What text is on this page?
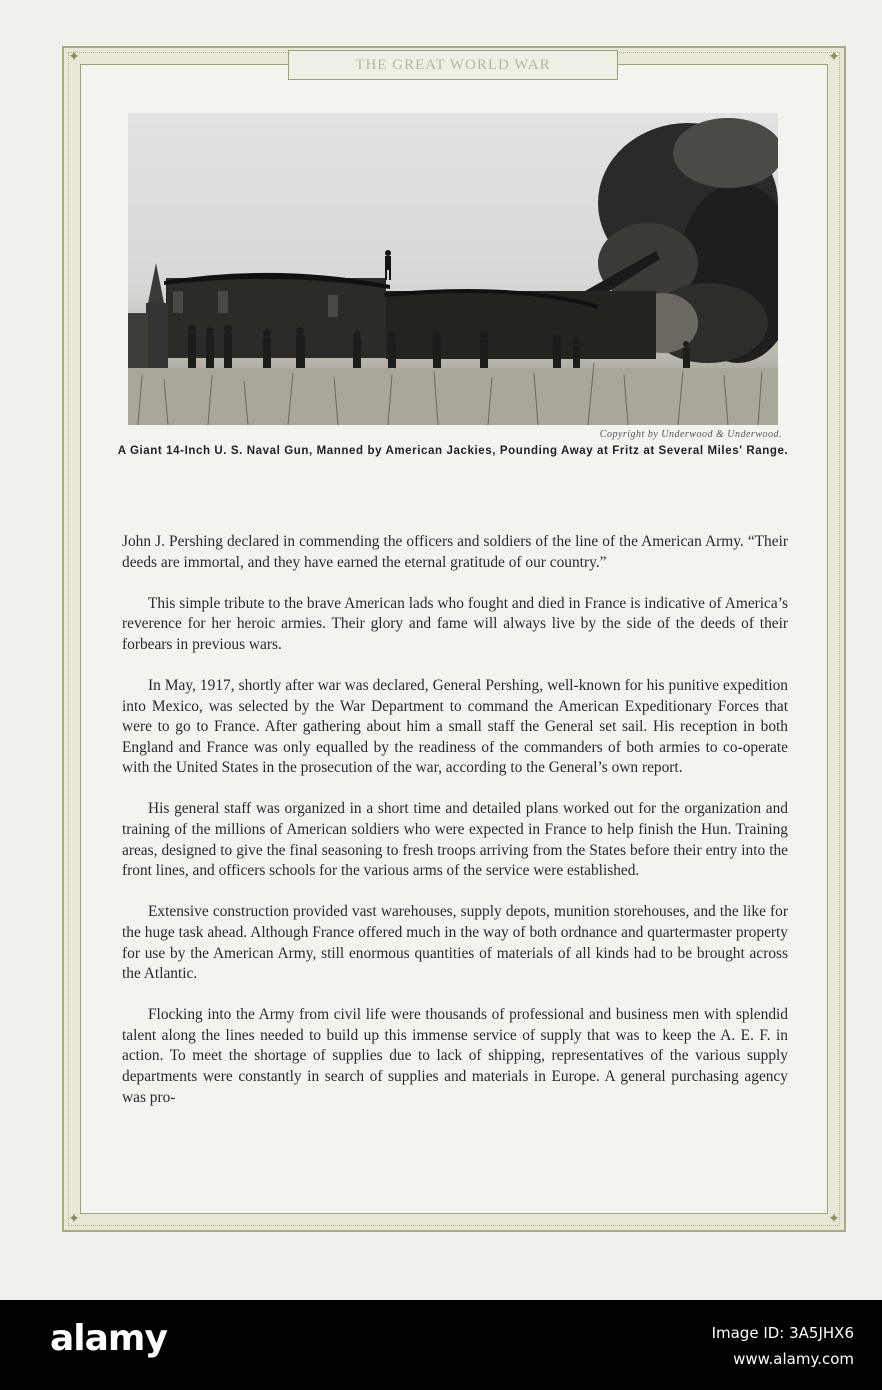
✦	✦
✦	✦
THE GREAT WORLD WAR
Copyright by Underwood & Underwood.
A Giant 14-Inch U. S. Naval Gun, Manned by American Jackies, Pounding Away at Fritz at Several Miles' Range.

John J. Pershing declared in commending the officers and soldiers of the line of the American Army. “Their deeds are immortal, and they have earned the eternal gratitude of our country.”

This simple tribute to the brave American lads who fought and died in France is indicative of America’s reverence for her heroic armies. Their glory and fame will always live by the side of the deeds of their forbears in previous wars.

In May, 1917, shortly after war was declared, General Pershing, well-known for his punitive expedition into Mexico, was selected by the War Department to command the American Expeditionary Forces that were to go to France. After gathering about him a small staff the General set sail. His reception in both England and France was only equalled by the readiness of the commanders of both armies to co-operate with the United States in the prosecution of the war, according to the General’s own report.

His general staff was organized in a short time and detailed plans worked out for the organization and training of the millions of American soldiers who were expected in France to help finish the Hun. Training areas, designed to give the final seasoning to fresh troops arriving from the States before their entry into the front lines, and officers schools for the various arms of the service were established.

Extensive construction provided vast warehouses, supply depots, munition storehouses, and the like for the huge task ahead. Although France offered much in the way of both ordnance and quartermaster property for use by the American Army, still enormous quantities of materials of all kinds had to be brought across the Atlantic.

Flocking into the Army from civil life were thousands of professional and business men with splendid talent along the lines needed to build up this immense service of supply that was to keep the A. E. F. in action. To meet the shortage of supplies due to lack of shipping, representatives of the various supply departments were constantly in search of supplies and materials in Europe. A general purchasing agency was pro-

alamy	Image ID: 3A5JHX6
www.alamy.com
